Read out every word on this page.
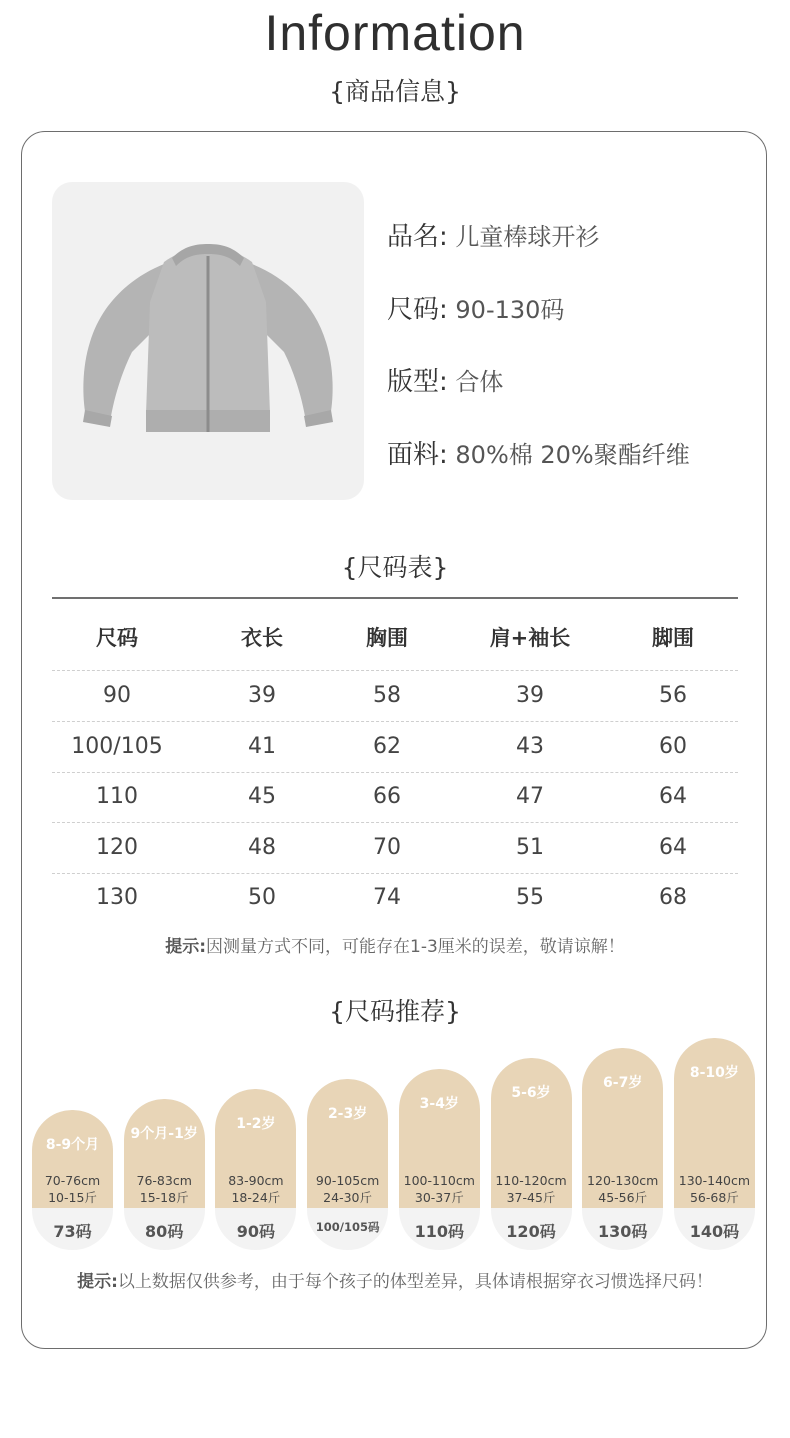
Information
{商品信息}
品名: 儿童棒球开衫
尺码: 90-130码
版型: 合体
面料: 80%棉 20%聚酯纤维
{尺码表}
尺码	衣长	胸围	肩+袖长	脚围
90	39	58	39	56
100/105	41	62	43	60
110	45	66	47	64
120	48	70	51	64
130	50	74	55	68
提示:因测量方式不同，可能存在1-3厘米的误差，敬请谅解！
{尺码推荐}
8-9个月
70-76cm
10-15斤
73码
9个月-1岁
76-83cm
15-18斤
80码
1-2岁
83-90cm
18-24斤
90码
2-3岁
90-105cm
24-30斤
100/105码
3-4岁
100-110cm
30-37斤
110码
5-6岁
110-120cm
37-45斤
120码
6-7岁
120-130cm
45-56斤
130码
8-10岁
130-140cm
56-68斤
140码
提示:以上数据仅供参考，由于每个孩子的体型差异，具体请根据穿衣习惯选择尺码！
